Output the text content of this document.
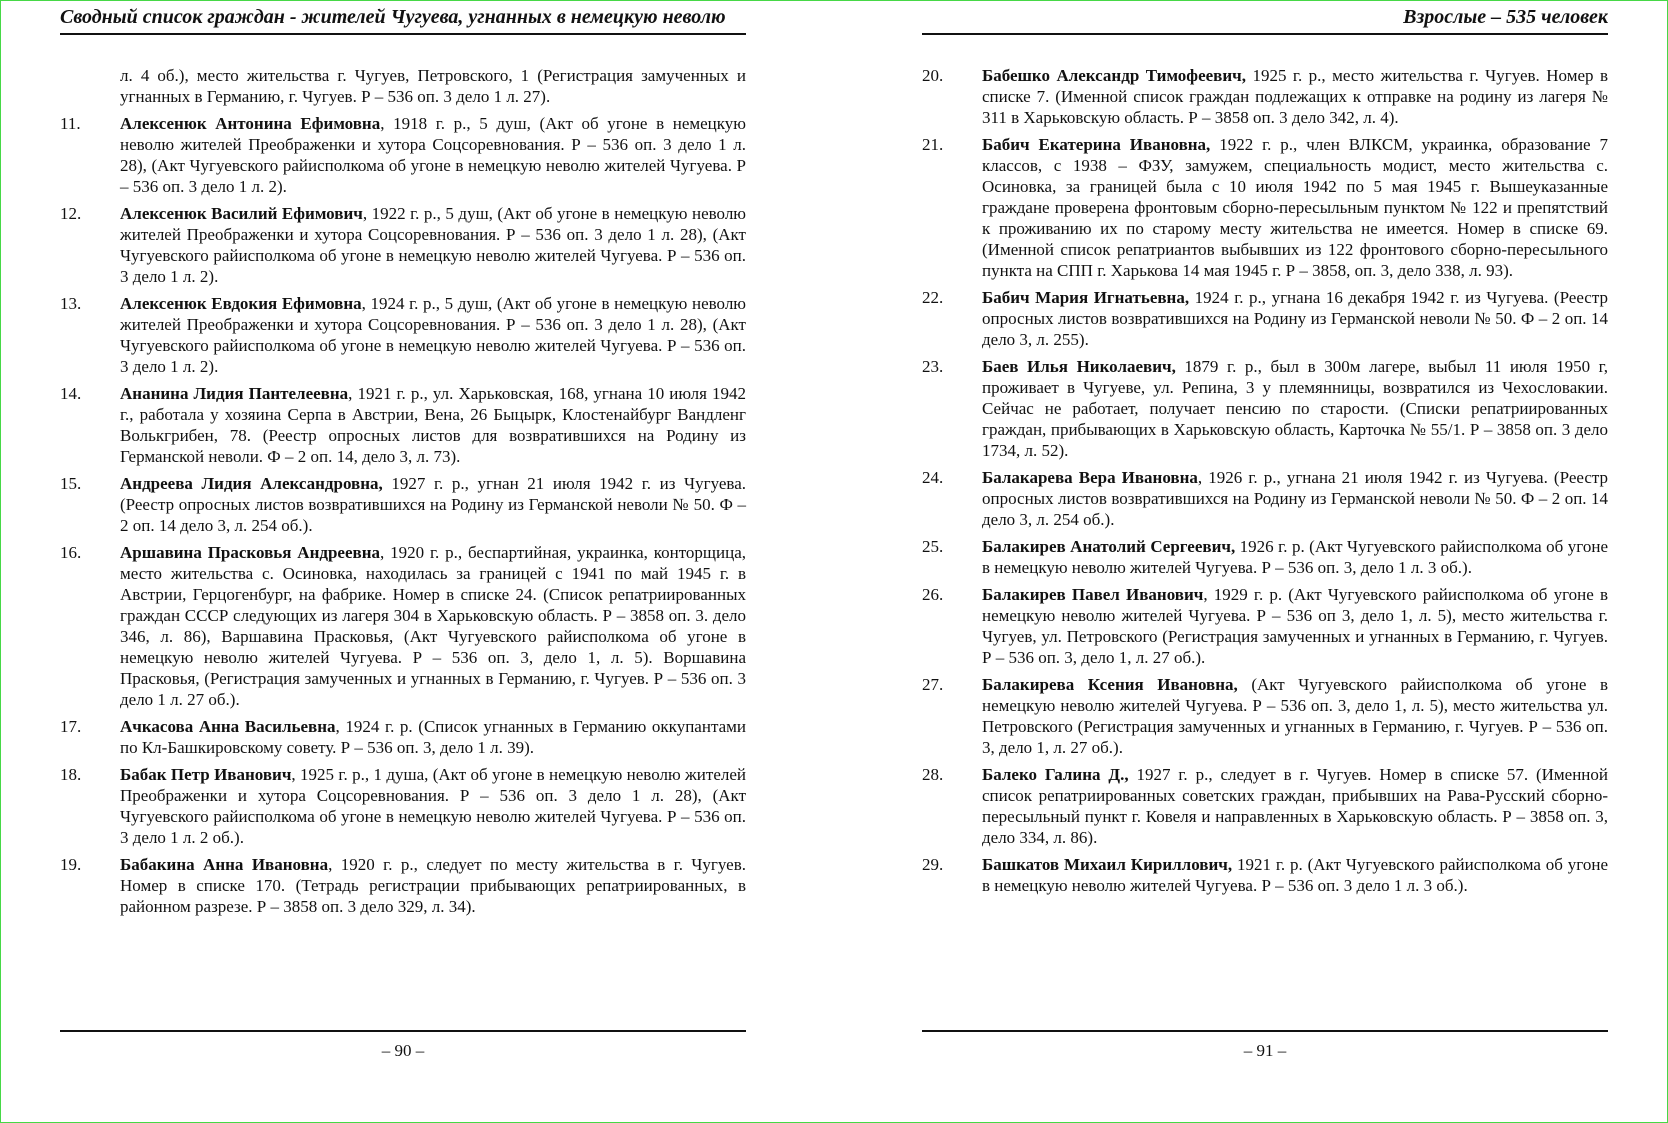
Сводный список граждан - жителей Чугуева, угнанных в немецкую неволю
л. 4 об.), место жительства г. Чугуев, Петровского, 1 (Регистрация замученных и угнанных в Германию, г. Чугуев. Р – 536 оп. 3 дело 1 л. 27).
11. Алексенюк Антонина Ефимовна, 1918 г. р., 5 душ, (Акт об угоне в немецкую неволю жителей Преображенки и хутора Соцсоревнования. Р – 536 оп. 3 дело 1 л. 28), (Акт Чугуевского райисполкома об угоне в немецкую неволю жителей Чугуева. Р – 536 оп. 3 дело 1 л. 2).
12. Алексенюк Василий Ефимович, 1922 г. р., 5 душ, (Акт об угоне в немецкую неволю жителей Преображенки и хутора Соцсоревнования. Р – 536 оп. 3 дело 1 л. 28), (Акт Чугуевского райисполкома об угоне в немецкую неволю жителей Чугуева. Р – 536 оп. 3 дело 1 л. 2).
13. Алексенюк Евдокия Ефимовна, 1924 г. р., 5 душ, (Акт об угоне в немецкую неволю жителей Преображенки и хутора Соцсоревнования. Р – 536 оп. 3 дело 1 л. 28), (Акт Чугуевского райисполкома об угоне в немецкую неволю жителей Чугуева. Р – 536 оп. 3 дело 1 л. 2).
14. Ананина Лидия Пантелеевна, 1921 г. р., ул. Харьковская, 168, угнана 10 июля 1942 г., работала у хозяина Серпа в Австрии, Вена, 26 Быцырк, Клостенайбург Вандленг Волькгрибен, 78. (Реестр опросных листов для возвратившихся на Родину из Германской неволи. Ф – 2 оп. 14, дело 3, л. 73).
15. Андреева Лидия Александровна, 1927 г. р., угнан 21 июля 1942 г. из Чугуева. (Реестр опросных листов возвратившихся на Родину из Германской неволи № 50. Ф – 2 оп. 14 дело 3, л. 254 об.).
16. Аршавина Прасковья Андреевна, 1920 г. р., беспартийная, украинка, конторщица, место жительства с. Осиновка, находилась за границей с 1941 по май 1945 г. в Австрии, Герцогенбург, на фабрике. Номер в списке 24. (Список репатриированных граждан СССР следующих из лагеря 304 в Харьковскую область. Р – 3858 оп. 3. дело 346, л. 86), Варшавина Прасковья, (Акт Чугуевского райисполкома об угоне в немецкую неволю жителей Чугуева. Р – 536 оп. 3, дело 1, л. 5). Воршавина Прасковья, (Регистрация замученных и угнанных в Германию, г. Чугуев. Р – 536 оп. 3 дело 1 л. 27 об.).
17. Ачкасова Анна Васильевна, 1924 г. р. (Список угнанных в Германию оккупантами по Кл-Башкировскому совету. Р – 536 оп. 3, дело 1 л. 39).
18. Бабак Петр Иванович, 1925 г. р., 1 душа, (Акт об угоне в немецкую неволю жителей Преображенки и хутора Соцсоревнования. Р – 536 оп. 3 дело 1 л. 28), (Акт Чугуевского райисполкома об угоне в немецкую неволю жителей Чугуева. Р – 536 оп. 3 дело 1 л. 2 об.).
19. Бабакина Анна Ивановна, 1920 г. р., следует по месту жительства в г. Чугуев. Номер в списке 170. (Тетрадь регистрации прибывающих репатриированных, в районном разрезе. Р – 3858 оп. 3 дело 329, л. 34).
– 90 –
Взрослые – 535 человек
20. Бабешко Александр Тимофеевич, 1925 г. р., место жительства г. Чугуев. Номер в списке 7. (Именной список граждан подлежащих к отправке на родину из лагеря № 311 в Харьковскую область. Р – 3858 оп. 3 дело 342, л. 4).
21. Бабич Екатерина Ивановна, 1922 г. р., член ВЛКСМ, украинка, образование 7 классов, с 1938 – ФЗУ, замужем, специальность модист, место жительства с. Осиновка, за границей была с 10 июля 1942 по 5 мая 1945 г. Вышеуказанные граждане проверена фронтовым сборно-пересыльным пунктом № 122 и препятствий к проживанию их по старому месту жительства не имеется. Номер в списке 69. (Именной список репатриантов выбывших из 122 фронтового сборно-пересыльного пункта на СПП г. Харькова 14 мая 1945 г. Р – 3858, оп. 3, дело 338, л. 93).
22. Бабич Мария Игнатьевна, 1924 г. р., угнана 16 декабря 1942 г. из Чугуева. (Реестр опросных листов возвратившихся на Родину из Германской неволи № 50. Ф – 2 оп. 14 дело 3, л. 255).
23. Баев Илья Николаевич, 1879 г. р., был в 300м лагере, выбыл 11 июля 1950 г, проживает в Чугуеве, ул. Репина, 3 у племянницы, возвратился из Чехословакии. Сейчас не работает, получает пенсию по старости. (Списки репатриированных граждан, прибывающих в Харьковскую область, Карточка № 55/1. Р – 3858 оп. 3 дело 1734, л. 52).
24. Балакарева Вера Ивановна, 1926 г. р., угнана 21 июля 1942 г. из Чугуева. (Реестр опросных листов возвратившихся на Родину из Германской неволи № 50. Ф – 2 оп. 14 дело 3, л. 254 об.).
25. Балакирев Анатолий Сергеевич, 1926 г. р. (Акт Чугуевского райисполкома об угоне в немецкую неволю жителей Чугуева. Р – 536 оп. 3, дело 1 л. 3 об.).
26. Балакирев Павел Иванович, 1929 г. р. (Акт Чугуевского райисполкома об угоне в немецкую неволю жителей Чугуева. Р – 536 оп 3, дело 1, л. 5), место жительства г. Чугуев, ул. Петровского (Регистрация замученных и угнанных в Германию, г. Чугуев. Р – 536 оп. 3, дело 1, л. 27 об.).
27. Балакирева Ксения Ивановна, (Акт Чугуевского райисполкома об угоне в немецкую неволю жителей Чугуева. Р – 536 оп. 3, дело 1, л. 5), место жительства ул. Петровского (Регистрация замученных и угнанных в Германию, г. Чугуев. Р – 536 оп. 3, дело 1, л. 27 об.).
28. Балеко Галина Д., 1927 г. р., следует в г. Чугуев. Номер в списке 57. (Именной список репатриированных советских граждан, прибывших на Рава-Русский сборно-пересыльный пункт г. Ковеля и направленных в Харьковскую область. Р – 3858 оп. 3, дело 334, л. 86).
29. Башкатов Михаил Кириллович, 1921 г. р. (Акт Чугуевского райисполкома об угоне в немецкую неволю жителей Чугуева. Р – 536 оп. 3 дело 1 л. 3 об.).
– 91 –
